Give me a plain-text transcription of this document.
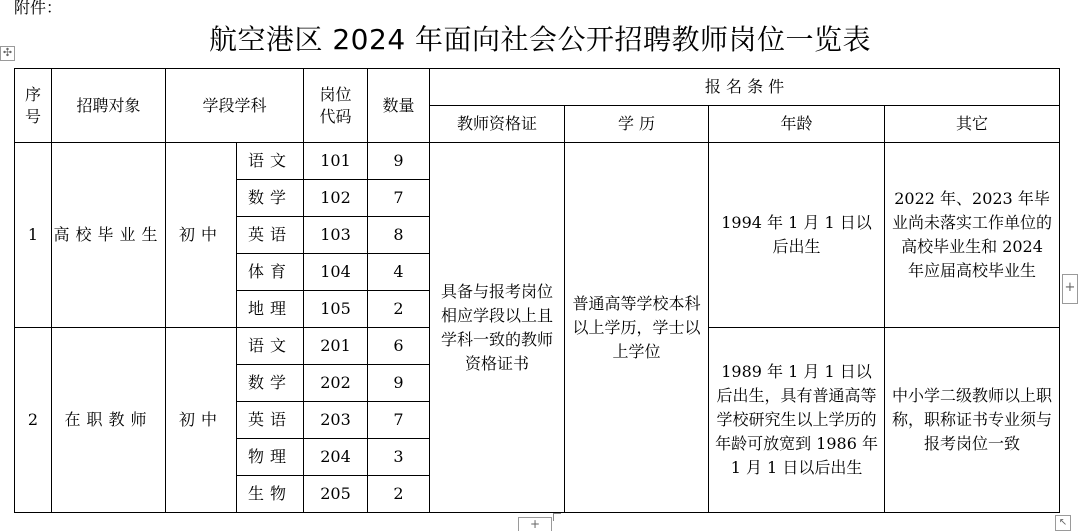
附件：
航空港区 2024 年面向社会公开招聘教师岗位一览表
✣
序号	招聘对象	学段学科		岗位代码	数量	报 名 条 件			
						教师资格证	学 历	年龄	其它
1	高校毕业生	初中	语文	101	9	具备与报考岗位相应学段以上且学科一致的教师资格证书	普通高等学校本科以上学历，学士以上学位	1994 年 1 月 1 日以后出生	2022 年、2023 年毕业尚未落实工作单位的高校毕业生和 2024 年应届高校毕业生

			数学	102	7				
			英语	103	8				
			体育	104	4				
			地理	105	2				
2	在职教师	初中	语文	201	6			1989 年 1 月 1 日以后出生，具有普通高等学校研究生以上学历的年龄可放宽到 1986 年 1 月 1 日以后出生	中小学二级教师以上职称，职称证书专业须与报考岗位一致

			数学	202	9				
			英语	203	7				
			物理	204	3				
			生物	205	2				
+
+	↖
